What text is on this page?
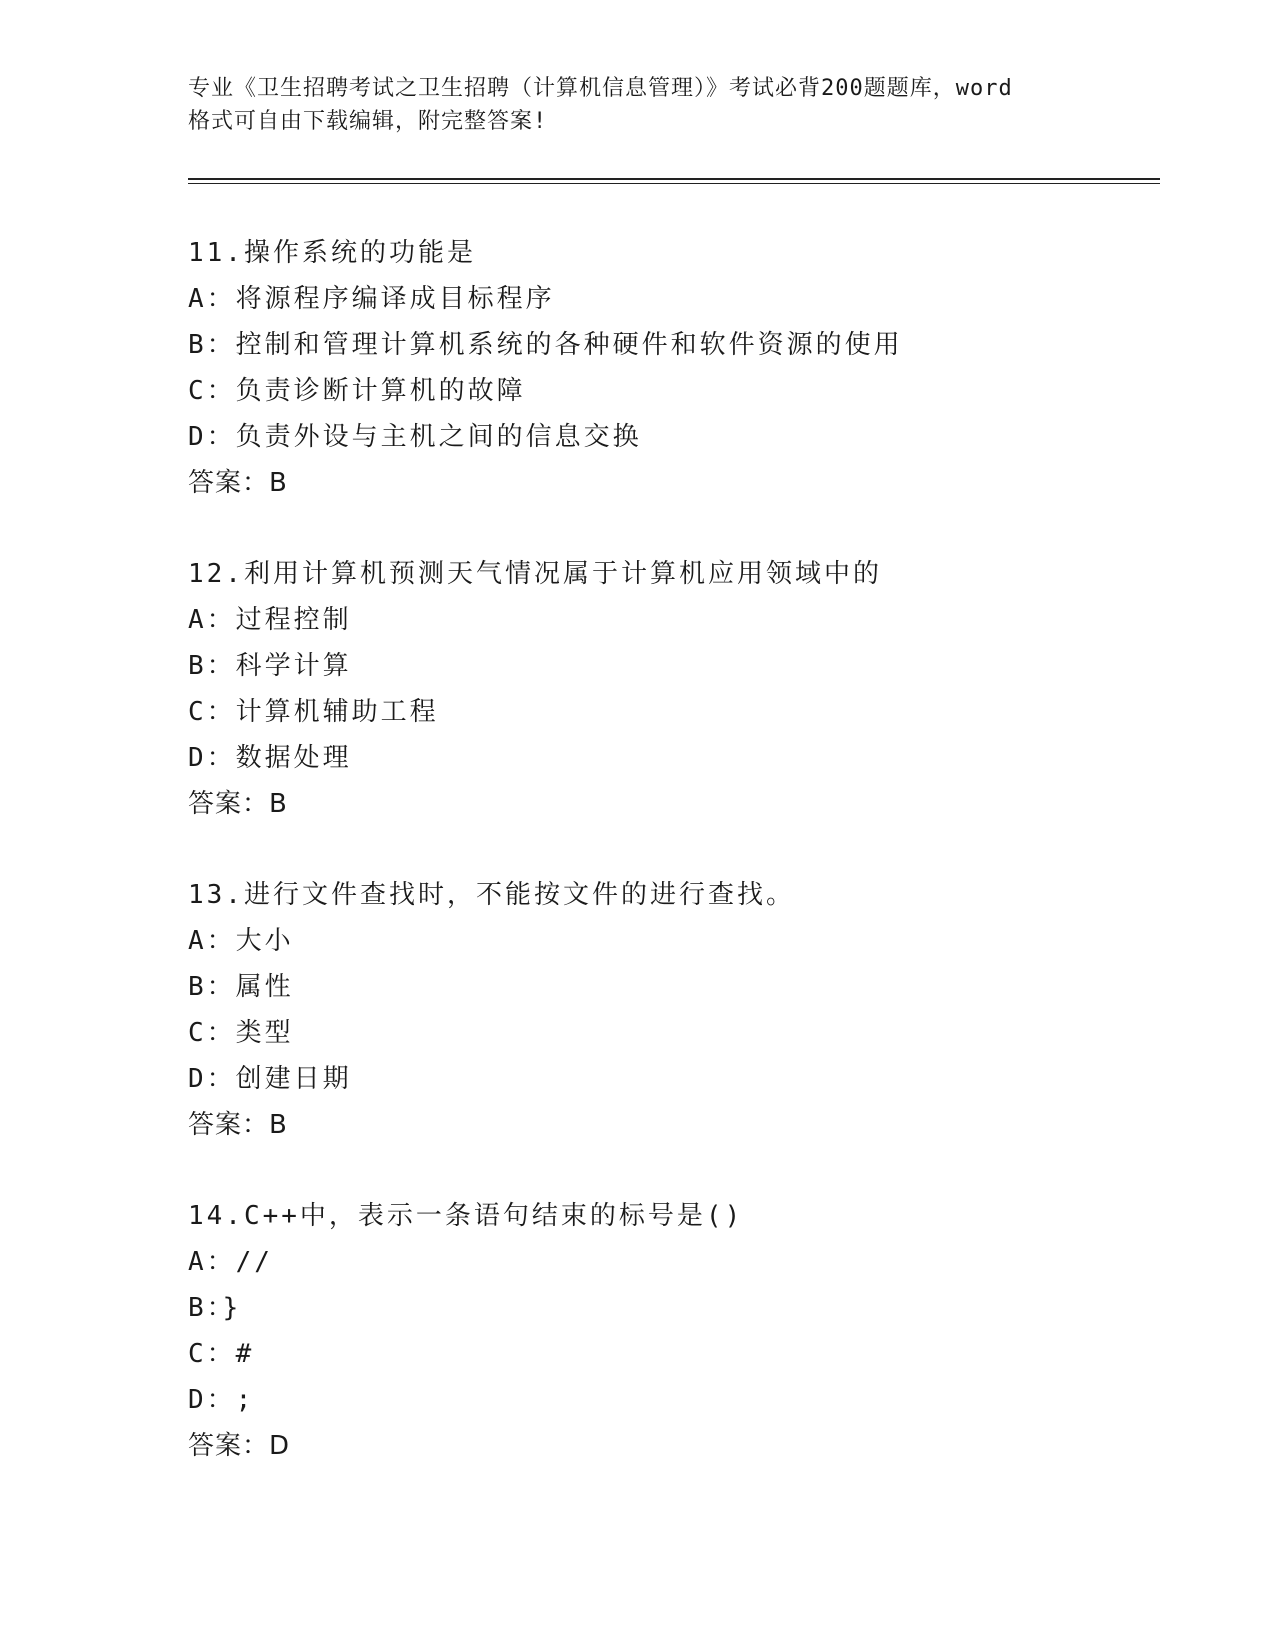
专业《卫生招聘考试之卫生招聘（计算机信息管理）》考试必背200题题库，word
格式可自由下载编辑，附完整答案!
11.操作系统的功能是
A：将源程序编译成目标程序
B：控制和管理计算机系统的各种硬件和软件资源的使用
C：负责诊断计算机的故障
D：负责外设与主机之间的信息交换
答案：B
12.利用计算机预测天气情况属于计算机应用领域中的
A：过程控制
B：科学计算
C：计算机辅助工程
D：数据处理
答案：B
13.进行文件查找时，不能按文件的进行查找。
A：大小
B：属性
C：类型
D：创建日期
答案：B
14.C++中，表示一条语句结束的标号是()
A：//
B：}
C：#
D：;
答案：D
